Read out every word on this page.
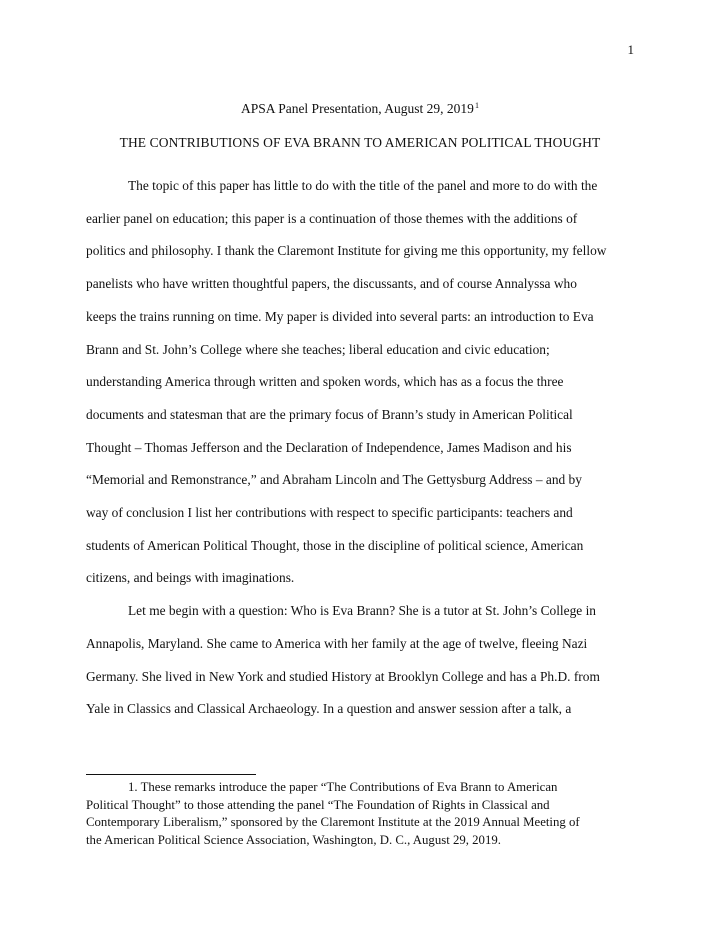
1
APSA Panel Presentation, August 29, 2019$^1$
THE CONTRIBUTIONS OF EVA BRANN TO AMERICAN POLITICAL THOUGHT

The topic of this paper has little to do with the title of the panel and more to do with the
earlier panel on education; this paper is a continuation of those themes with the additions of
politics and philosophy. I thank the Claremont Institute for giving me this opportunity, my fellow
panelists who have written thoughtful papers, the discussants, and of course Annalyssa who
keeps the trains running on time. My paper is divided into several parts: an introduction to Eva
Brann and St. John’s College where she teaches; liberal education and civic education;
understanding America through written and spoken words, which has as a focus the three
documents and statesman that are the primary focus of Brann’s study in American Political
Thought – Thomas Jefferson and the Declaration of Independence, James Madison and his
“Memorial and Remonstrance,” and Abraham Lincoln and The Gettysburg Address – and by
way of conclusion I list her contributions with respect to specific participants: teachers and
students of American Political Thought, those in the discipline of political science, American
citizens, and beings with imaginations.

Let me begin with a question: Who is Eva Brann? She is a tutor at St. John’s College in
Annapolis, Maryland. She came to America with her family at the age of twelve, fleeing Nazi
Germany. She lived in New York and studied History at Brooklyn College and has a Ph.D. from
Yale in Classics and Classical Archaeology. In a question and answer session after a talk, a

1. These remarks introduce the paper “The Contributions of Eva Brann to American
Political Thought” to those attending the panel “The Foundation of Rights in Classical and
Contemporary Liberalism,” sponsored by the Claremont Institute at the 2019 Annual Meeting of
the American Political Science Association, Washington, D. C., August 29, 2019.
